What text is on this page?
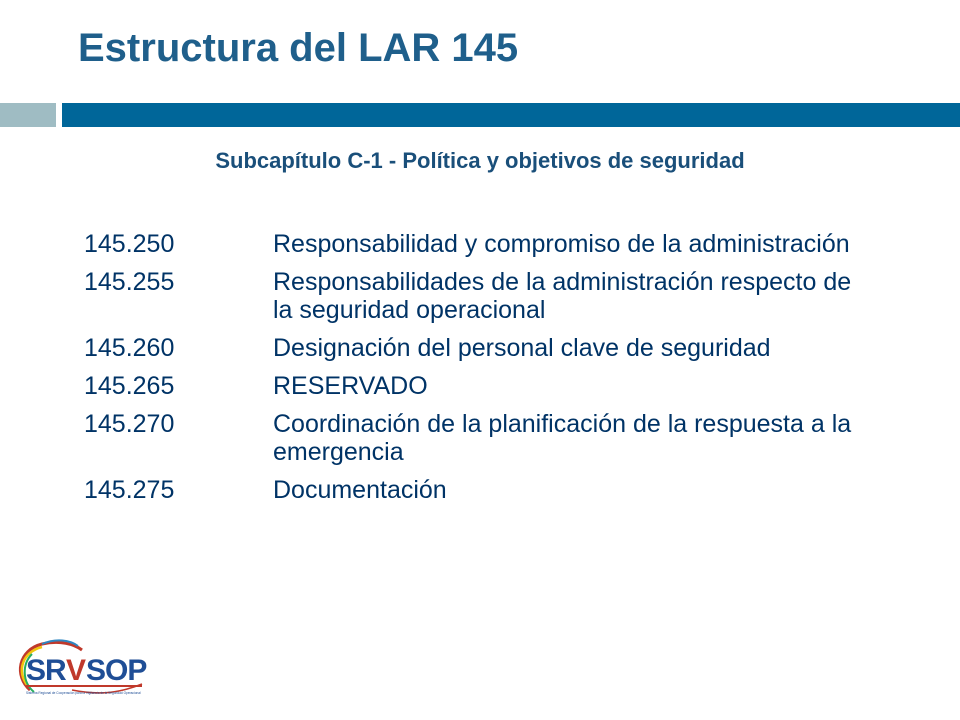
Estructura del LAR 145
Subcapítulo C-1 - Política y objetivos de seguridad
145.250	Responsabilidad y compromiso de la administración
145.255	Responsabilidades de la administración respecto de la seguridad operacional
145.260	Designación del personal clave de seguridad
145.265	RESERVADO
145.270	Coordinación de la planificación de la respuesta a la emergencia
145.275	Documentación
S R V SOP
Sistema Regional de Cooperación para la Vigilancia de la Seguridad Operacional
